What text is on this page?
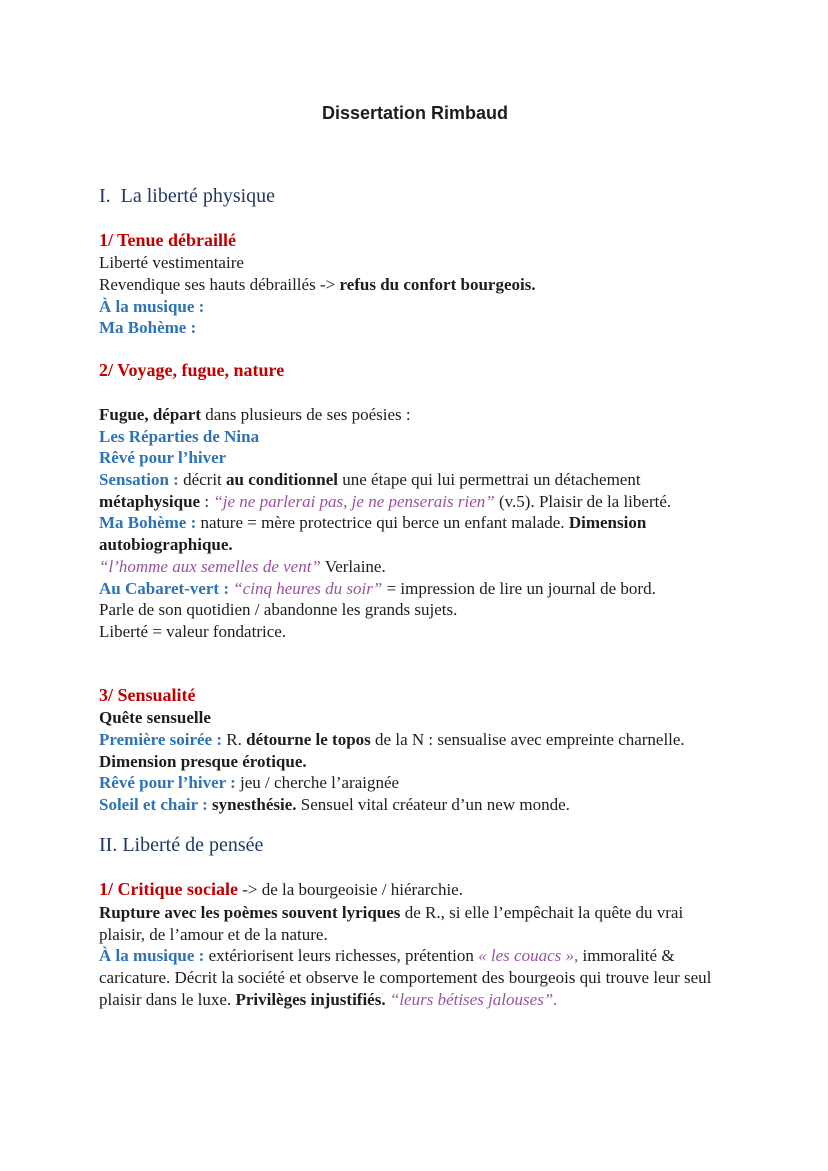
Dissertation Rimbaud
I.  La liberté physique
1/ Tenue débraillé
Liberté vestimentaire
Revendique ses hauts débraillés -> refus du confort bourgeois.
À la musique :
Ma Bohème :
2/ Voyage, fugue, nature
Fugue, départ dans plusieurs de ses poésies :
Les Réparties de Nina
Rêvé pour l’hiver
Sensation : décrit au conditionnel une étape qui lui permettrai un détachement métaphysique : “je ne parlerai pas, je ne penserais rien” (v.5). Plaisir de la liberté.
Ma Bohème : nature = mère protectrice qui berce un enfant malade. Dimension autobiographique.
“l’homme aux semelles de vent” Verlaine.
Au Cabaret-vert : “cinq heures du soir” = impression de lire un journal de bord.
Parle de son quotidien / abandonne les grands sujets.
Liberté = valeur fondatrice.
3/ Sensualité
Quête sensuelle
Première soirée : R. détourne le topos de la N : sensualise avec empreinte charnelle. Dimension presque érotique.
Rêvé pour l’hiver : jeu / cherche l’araignée
Soleil et chair : synesthésie. Sensuel vital créateur d’un new monde.
II. Liberté de pensée
1/ Critique sociale -> de la bourgeoisie / hiérarchie.
Rupture avec les poèmes souvent lyriques de R., si elle l’empêchait la quête du vrai plaisir, de l’amour et de la nature.
À la musique : extériorisent leurs richesses, prétention « les couacs », immoralité & caricature. Décrit la société et observe le comportement des bourgeois qui trouve leur seul plaisir dans le luxe. Privilèges injustifiés. “leurs bétises jalouses”.
